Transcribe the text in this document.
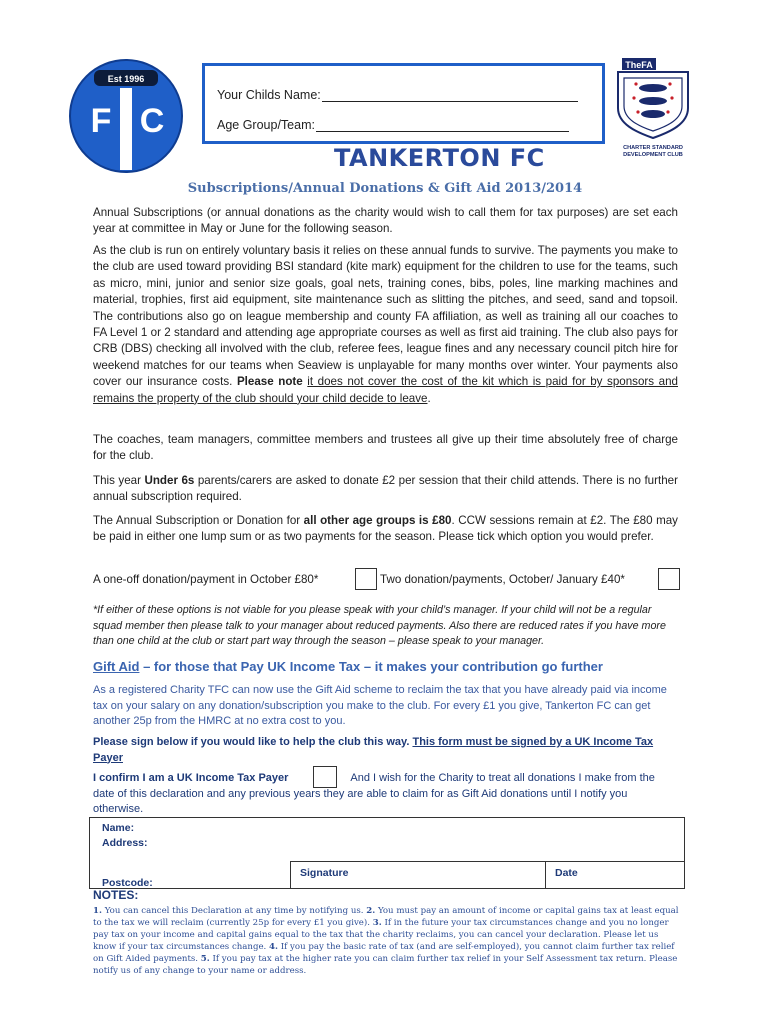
Est 1996
F C
TheFA
CHARTER STANDARD
DEVELOPMENT CLUB
Your Childs Name:
Age Group/Team:
TANKERTON FC
Subscriptions/Annual Donations & Gift Aid 2013/2014
Annual Subscriptions (or annual donations as the charity would wish to call them for tax purposes) are set each year at committee in May or June for the following season.
As the club is run on entirely voluntary basis it relies on these annual funds to survive. The payments you make to the club are used toward providing BSI standard (kite mark) equipment for the children to use for the teams, such as micro, mini, junior and senior size goals, goal nets, training cones, bibs, poles, line marking machines and material, trophies, first aid equipment, site maintenance such as slitting the pitches, and seed, sand and topsoil. The contributions also go on league membership and county FA affiliation, as well as training all our coaches to FA Level 1 or 2 standard and attending age appropriate courses as well as first aid training. The club also pays for CRB (DBS) checking all involved with the club, referee fees, league fines and any necessary council pitch hire for weekend matches for our teams when Seaview is unplayable for many months over winter. Your payments also cover our insurance costs. Please note it does not cover the cost of the kit which is paid for by sponsors and remains the property of the club should your child decide to leave.
The coaches, team managers, committee members and trustees all give up their time absolutely free of charge for the club.
This year Under 6s parents/carers are asked to donate £2 per session that their child attends. There is no further annual subscription required.
The Annual Subscription or Donation for all other age groups is £80. CCW sessions remain at £2. The £80 may be paid in either one lump sum or as two payments for the season. Please tick which option you would prefer.
A one-off donation/payment in October £80*	Two donation/payments, October/ January £40*
*If either of these options is not viable for you please speak with your child’s manager. If your child will not be a regular squad member then please talk to your manager about reduced payments. Also there are reduced rates if you have more than one child at the club or start part way through the season – please speak to your manager.
Gift Aid – for those that Pay UK Income Tax – it makes your contribution go further
As a registered Charity TFC can now use the Gift Aid scheme to reclaim the tax that you have already paid via income tax on your salary on any donation/subscription you make to the club. For every £1 you give, Tankerton FC can get another 25p from the HMRC at no extra cost to you.
Please sign below if you would like to help the club this way. This form must be signed by a UK Income Tax Payer
I confirm I am a UK Income Tax Payer	And I wish for the Charity to treat all donations I make from the date of this declaration and any previous years they are able to claim for as Gift Aid donations until I notify you otherwise.
Name:
Address:
Postcode:
Signature	Date
NOTES:
1. You can cancel this Declaration at any time by notifying us. 2. You must pay an amount of income or capital gains tax at least equal to the tax we will reclaim (currently 25p for every £1 you give). 3. If in the future your tax circumstances change and you no longer pay tax on your income and capital gains equal to the tax that the charity reclaims, you can cancel your declaration. Please let us know if your tax circumstances change. 4. If you pay the basic rate of tax (and are self-employed), you cannot claim further tax relief on Gift Aided payments. 5. If you pay tax at the higher rate you can claim further tax relief in your Self Assessment tax return. Please notify us of any change to your name or address.
